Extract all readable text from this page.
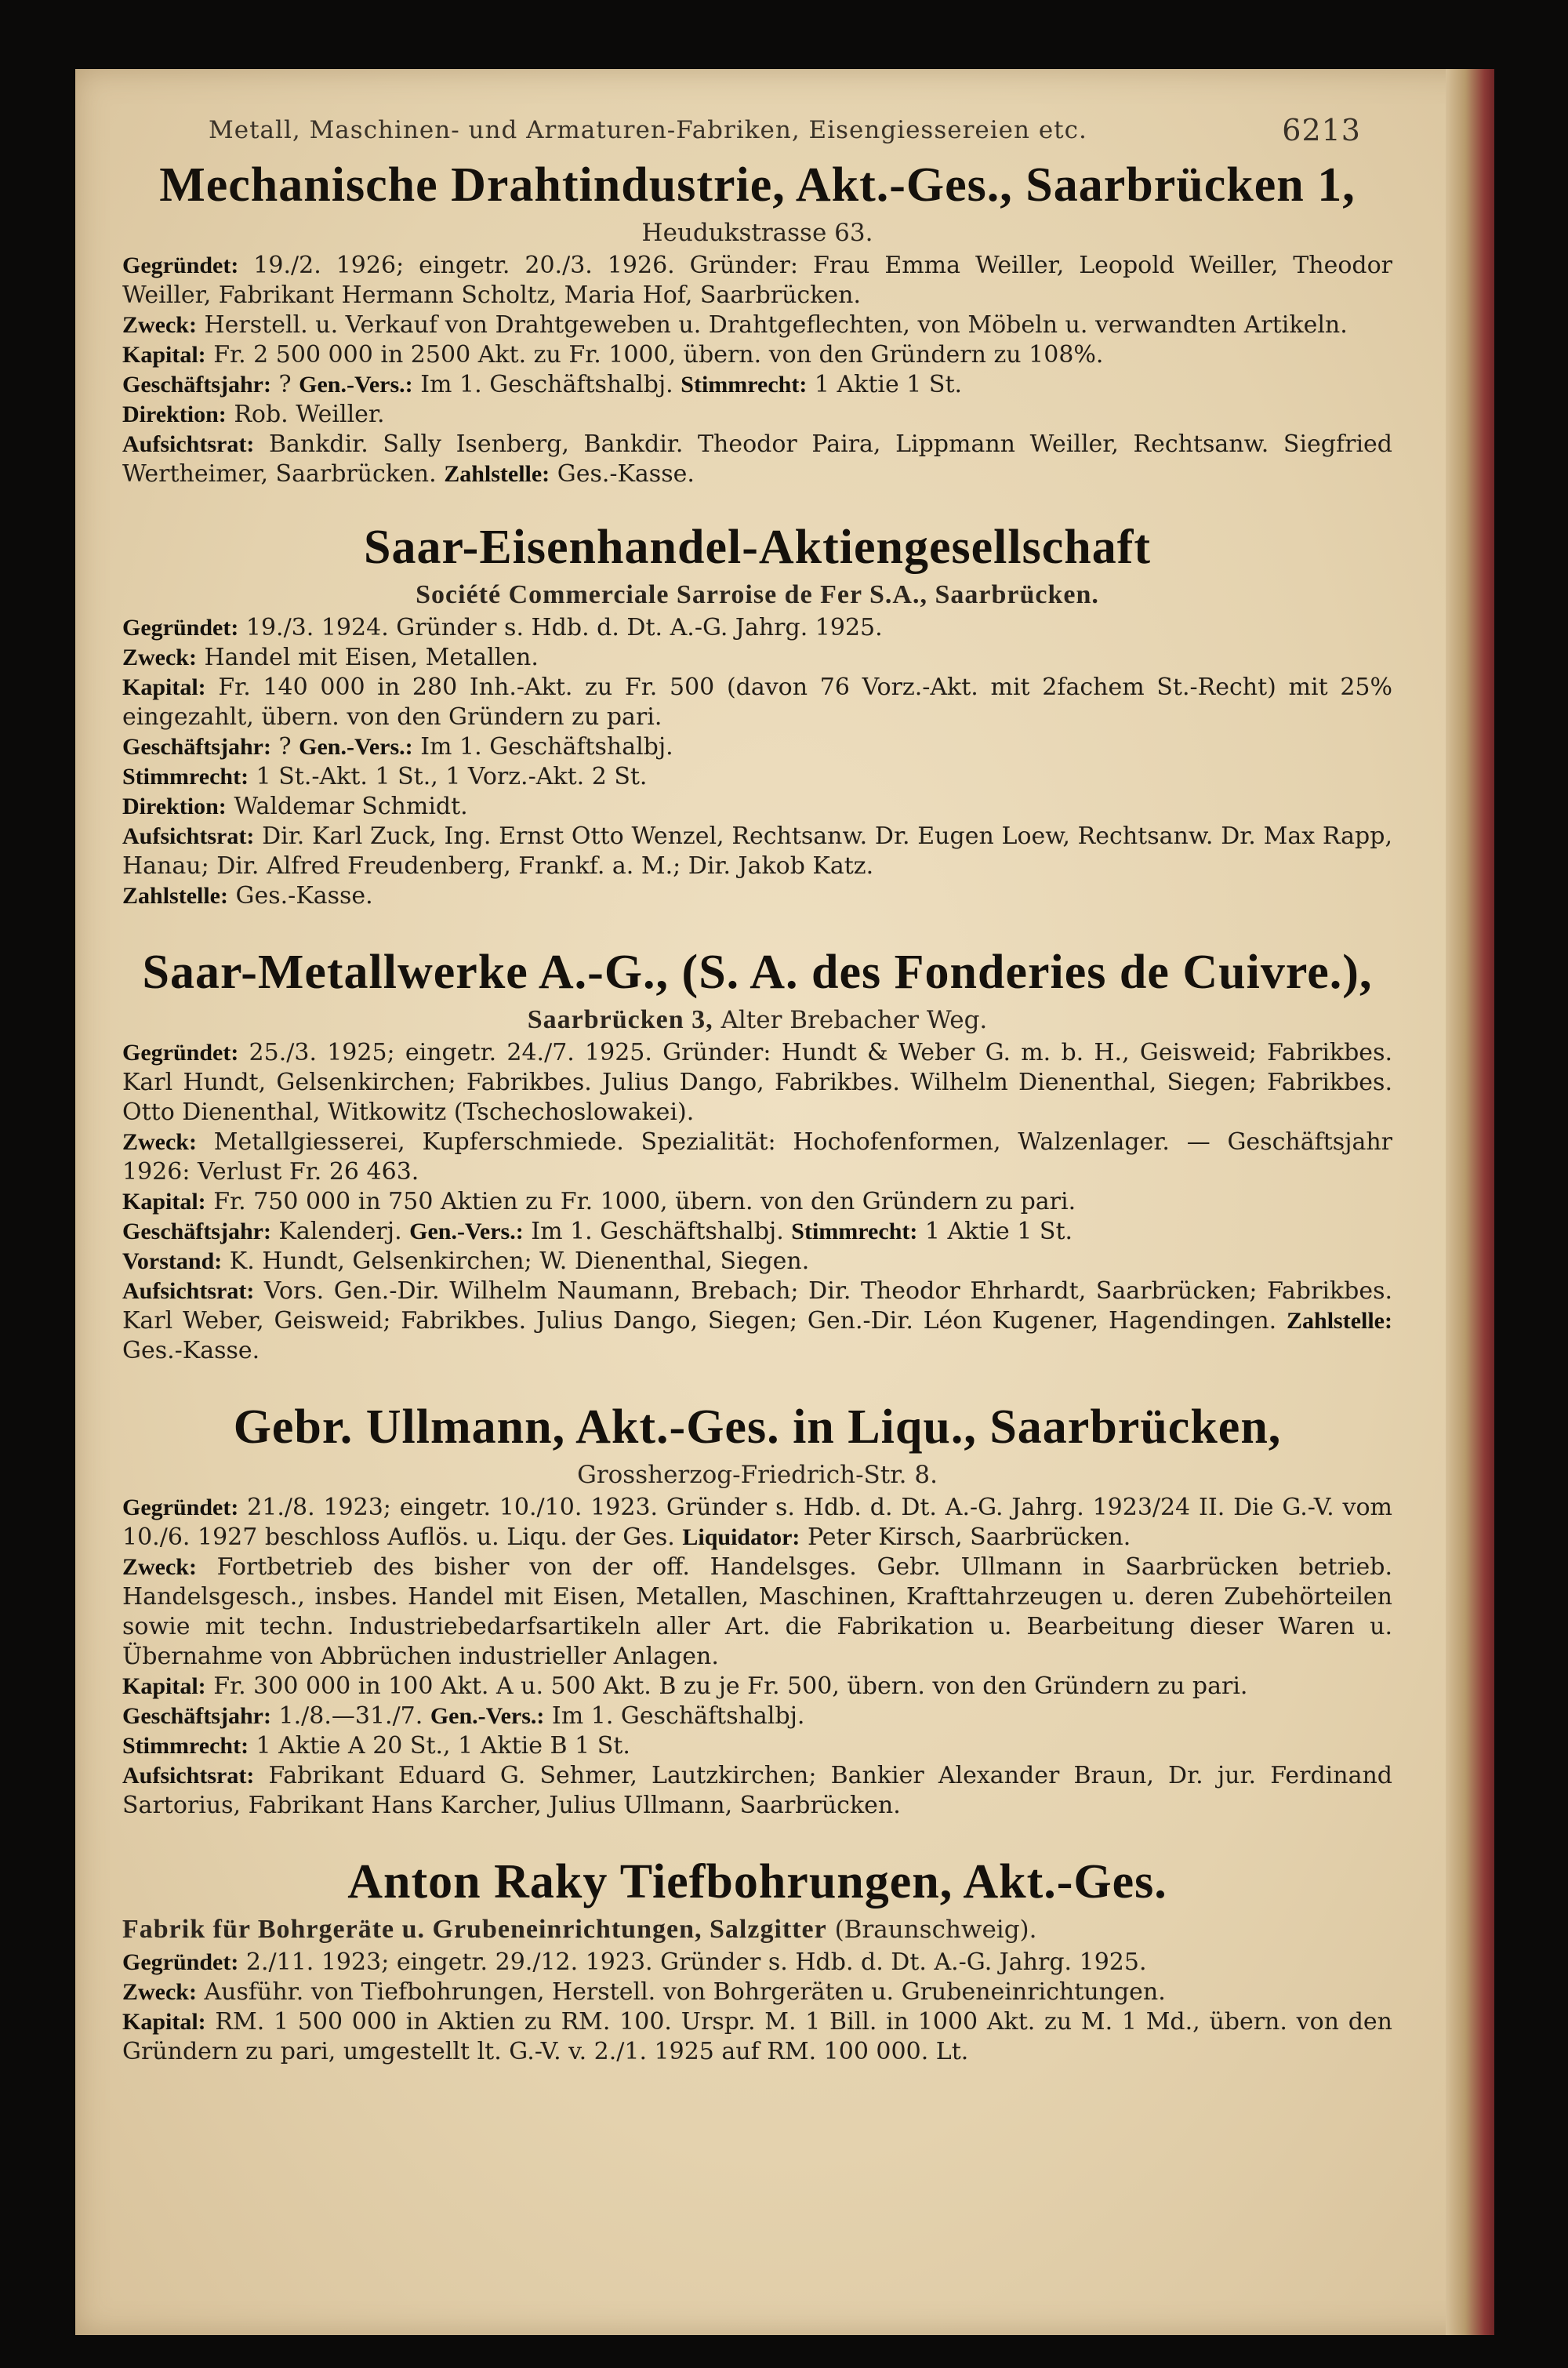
Metall, Maschinen- und Armaturen-Fabriken, Eisengiessereien etc.	6213
Mechanische Drahtindustrie, Akt.-Ges., Saarbrücken 1,
Heudukstrasse 63.

Gegründet: 19./2. 1926; eingetr. 20./3. 1926. Gründer: Frau Emma Weiller, Leopold Weiller, Theodor Weiller, Fabrikant Hermann Scholtz, Maria Hof, Saarbrücken.

Zweck: Herstell. u. Verkauf von Drahtgeweben u. Drahtgeflechten, von Möbeln u. verwandten Artikeln.

Kapital: Fr. 2 500 000 in 2500 Akt. zu Fr. 1000, übern. von den Gründern zu 108%.

Geschäftsjahr: ? Gen.-Vers.: Im 1. Geschäftshalbj. Stimmrecht: 1 Aktie 1 St.

Direktion: Rob. Weiller.

Aufsichtsrat: Bankdir. Sally Isenberg, Bankdir. Theodor Paira, Lippmann Weiller, Rechtsanw. Siegfried Wertheimer, Saarbrücken. Zahlstelle: Ges.-Kasse.

Saar-Eisenhandel-Aktiengesellschaft
Société Commerciale Sarroise de Fer S.A., Saarbrücken.

Gegründet: 19./3. 1924. Gründer s. Hdb. d. Dt. A.-G. Jahrg. 1925.

Zweck: Handel mit Eisen, Metallen.

Kapital: Fr. 140 000 in 280 Inh.-Akt. zu Fr. 500 (davon 76 Vorz.-Akt. mit 2fachem St.-Recht) mit 25% eingezahlt, übern. von den Gründern zu pari.

Geschäftsjahr: ? Gen.-Vers.: Im 1. Geschäftshalbj.

Stimmrecht: 1 St.-Akt. 1 St., 1 Vorz.-Akt. 2 St.

Direktion: Waldemar Schmidt.

Aufsichtsrat: Dir. Karl Zuck, Ing. Ernst Otto Wenzel, Rechtsanw. Dr. Eugen Loew, Rechtsanw. Dr. Max Rapp, Hanau; Dir. Alfred Freudenberg, Frankf. a. M.; Dir. Jakob Katz.

Zahlstelle: Ges.-Kasse.

Saar-Metallwerke A.-G., (S. A. des Fonderies de Cuivre.),
Saarbrücken 3, Alter Brebacher Weg.

Gegründet: 25./3. 1925; eingetr. 24./7. 1925. Gründer: Hundt & Weber G. m. b. H., Geisweid; Fabrikbes. Karl Hundt, Gelsenkirchen; Fabrikbes. Julius Dango, Fabrikbes. Wilhelm Dienenthal, Siegen; Fabrikbes. Otto Dienenthal, Witkowitz (Tschechoslowakei).

Zweck: Metallgiesserei, Kupferschmiede. Spezialität: Hochofenformen, Walzenlager. — Geschäftsjahr 1926: Verlust Fr. 26 463.

Kapital: Fr. 750 000 in 750 Aktien zu Fr. 1000, übern. von den Gründern zu pari.

Geschäftsjahr: Kalenderj. Gen.-Vers.: Im 1. Geschäftshalbj. Stimmrecht: 1 Aktie 1 St.

Vorstand: K. Hundt, Gelsenkirchen; W. Dienenthal, Siegen.

Aufsichtsrat: Vors. Gen.-Dir. Wilhelm Naumann, Brebach; Dir. Theodor Ehrhardt, Saarbrücken; Fabrikbes. Karl Weber, Geisweid; Fabrikbes. Julius Dango, Siegen; Gen.-Dir. Léon Kugener, Hagendingen. Zahlstelle: Ges.-Kasse.

Gebr. Ullmann, Akt.-Ges. in Liqu., Saarbrücken,
Grossherzog-Friedrich-Str. 8.

Gegründet: 21./8. 1923; eingetr. 10./10. 1923. Gründer s. Hdb. d. Dt. A.-G. Jahrg. 1923/24 II. Die G.-V. vom 10./6. 1927 beschloss Auflös. u. Liqu. der Ges. Liquidator: Peter Kirsch, Saarbrücken.

Zweck: Fortbetrieb des bisher von der off. Handelsges. Gebr. Ullmann in Saarbrücken betrieb. Handelsgesch., insbes. Handel mit Eisen, Metallen, Maschinen, Krafttahrzeugen u. deren Zubehörteilen sowie mit techn. Industriebedarfsartikeln aller Art. die Fabrikation u. Bearbeitung dieser Waren u. Übernahme von Abbrüchen industrieller Anlagen.

Kapital: Fr. 300 000 in 100 Akt. A u. 500 Akt. B zu je Fr. 500, übern. von den Gründern zu pari.

Geschäftsjahr: 1./8.—31./7. Gen.-Vers.: Im 1. Geschäftshalbj.

Stimmrecht: 1 Aktie A 20 St., 1 Aktie B 1 St.

Aufsichtsrat: Fabrikant Eduard G. Sehmer, Lautzkirchen; Bankier Alexander Braun, Dr. jur. Ferdinand Sartorius, Fabrikant Hans Karcher, Julius Ullmann, Saarbrücken.

Anton Raky Tiefbohrungen, Akt.-Ges.
Fabrik für Bohrgeräte u. Grubeneinrichtungen, Salzgitter (Braunschweig).

Gegründet: 2./11. 1923; eingetr. 29./12. 1923. Gründer s. Hdb. d. Dt. A.-G. Jahrg. 1925.

Zweck: Ausführ. von Tiefbohrungen, Herstell. von Bohrgeräten u. Grubeneinrichtungen.

Kapital: RM. 1 500 000 in Aktien zu RM. 100. Urspr. M. 1 Bill. in 1000 Akt. zu M. 1 Md., übern. von den Gründern zu pari, umgestellt lt. G.-V. v. 2./1. 1925 auf RM. 100 000. Lt.
